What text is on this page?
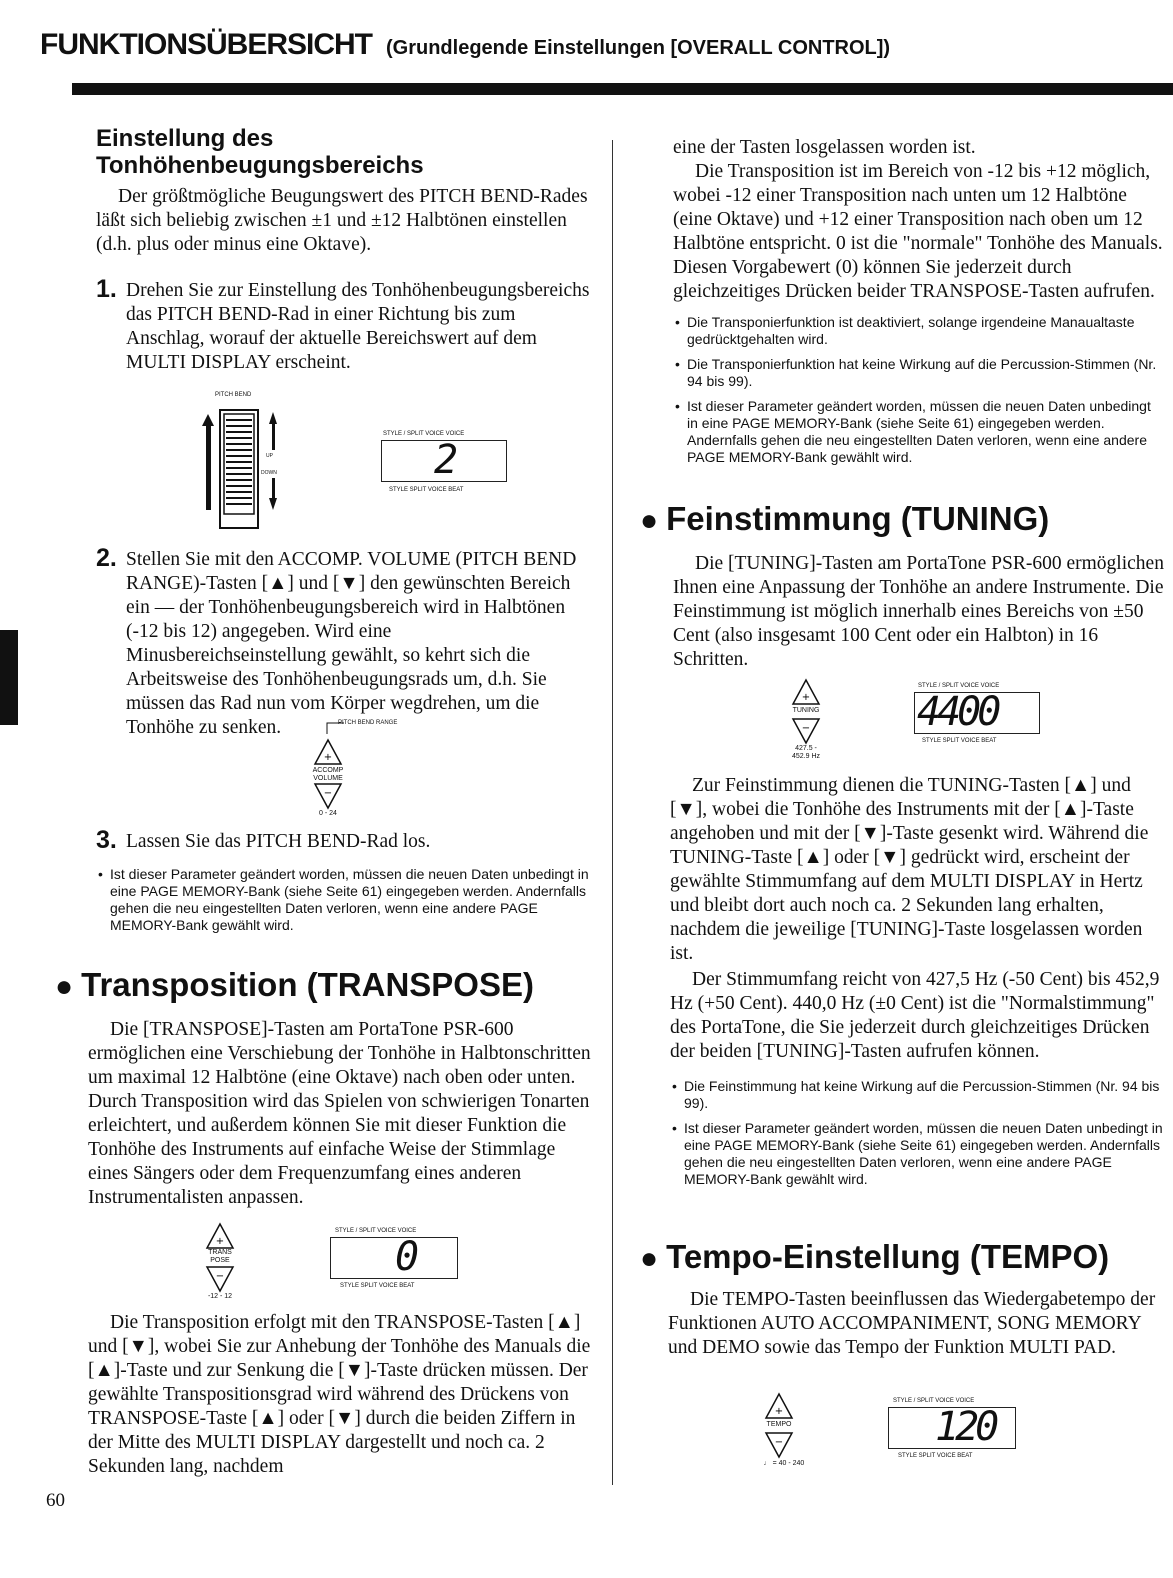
FUNKTIONSÜBERSICHT (Grundlegende Einstellungen [OVERALL CONTROL])

Einstellung des Tonhöhenbeugungsbereichs

Der größtmögliche Beugungswert des PITCH BEND-Rades läßt sich beliebig zwischen ±1 und ±12 Halbtönen einstellen (d.h. plus oder minus eine Oktave).

1. Drehen Sie zur Einstellung des Tonhöhenbeugungsbereichs das PITCH BEND-Rad in einer Richtung bis zum Anschlag, worauf der aktuelle Bereichswert auf dem MULTI DISPLAY erscheint.

PITCH BEND
UP
DOWN
STYLE / SPLIT VOICE VOICE
2
STYLE SPLIT VOICE BEAT
2. Stellen Sie mit den ACCOMP. VOLUME (PITCH BEND RANGE)-Tasten [▲] und [▼] den gewünschten Bereich ein — der Tonhöhenbeugungsbereich wird in Halbtönen (-12 bis 12) angegeben. Wird eine Minusbereichseinstellung gewählt, so kehrt sich die Arbeitsweise des Tonhöhenbeugungsrads um, d.h. Sie müssen das Rad nun vom Körper wegdrehen, um die Tonhöhe zu senken.	PITCH BEND RANGE
+
ACCOMP
VOLUME
−
0 - 24
3. Lassen Sie das PITCH BEND-Rad los.

• Ist dieser Parameter geändert worden, müssen die neuen Daten unbedingt in eine PAGE MEMORY-Bank (siehe Seite 61) eingegeben werden. Andernfalls gehen die neu eingestellten Daten verloren, wenn eine andere PAGE MEMORY-Bank gewählt wird.

● Transposition (TRANSPOSE)

Die [TRANSPOSE]-Tasten am PortaTone PSR-600 ermöglichen eine Verschiebung der Tonhöhe in Halbtonschritten um maximal 12 Halbtöne (eine Oktave) nach oben oder unten. Durch Transposition wird das Spielen von schwierigen Tonarten erleichtert, und außerdem können Sie mit dieser Funktion die Tonhöhe des Instruments auf einfache Weise der Stimmlage eines Sängers oder dem Frequenzumfang eines anderen Instrumentalisten anpassen.

+
TRANS
POSE
−
-12 - 12
STYLE / SPLIT VOICE VOICE
0
STYLE SPLIT VOICE BEAT

Die Transposition erfolgt mit den TRANSPOSE-Tasten [▲] und [▼], wobei Sie zur Anhebung der Tonhöhe des Manuals die [▲]-Taste und zur Senkung die [▼]-Taste drücken müssen. Der gewählte Transpositionsgrad wird während des Drückens von TRANSPOSE-Taste [▲] oder [▼] durch die beiden Ziffern in der Mitte des MULTI DISPLAY dargestellt und noch ca. 2 Sekunden lang, nachdem

eine der Tasten losgelassen worden ist.

Die Transposition ist im Bereich von -12 bis +12 möglich, wobei -12 einer Transposition nach unten um 12 Halbtöne (eine Oktave) und +12 einer Transposition nach oben um 12 Halbtöne entspricht. 0 ist die "normale" Tonhöhe des Manuals. Diesen Vorgabewert (0) können Sie jederzeit durch gleichzeitiges Drücken beider TRANSPOSE-Tasten aufrufen.

• Die Transponierfunktion ist deaktiviert, solange irgendeine Manaualtaste gedrücktgehalten wird.

• Die Transponierfunktion hat keine Wirkung auf die Percussion-Stimmen (Nr. 94 bis 99).

• Ist dieser Parameter geändert worden, müssen die neuen Daten unbedingt in eine PAGE MEMORY-Bank (siehe Seite 61) eingegeben werden. Andernfalls gehen die neu eingestellten Daten verloren, wenn eine andere PAGE MEMORY-Bank gewählt wird.

● Feinstimmung (TUNING)

Die [TUNING]-Tasten am PortaTone PSR-600 ermöglichen Ihnen eine Anpassung der Tonhöhe an andere Instrumente. Die Feinstimmung ist möglich innerhalb eines Bereichs von ±50 Cent (also insgesamt 100 Cent oder ein Halbton) in 16 Schritten.

+
TUNING
−
427.5 -
452.9 Hz
STYLE / SPLIT VOICE VOICE
4400
STYLE SPLIT VOICE BEAT

Zur Feinstimmung dienen die TUNING-Tasten [▲] und [▼], wobei die Tonhöhe des Instruments mit der [▲]-Taste angehoben und mit der [▼]-Taste gesenkt wird. Während die TUNING-Taste [▲] oder [▼] gedrückt wird, erscheint der gewählte Stimmumfang auf dem MULTI DISPLAY in Hertz und bleibt dort auch noch ca. 2 Sekunden lang erhalten, nachdem die jeweilige [TUNING]-Taste losgelassen worden ist.

Der Stimmumfang reicht von 427,5 Hz (-50 Cent) bis 452,9 Hz (+50 Cent). 440,0 Hz (±0 Cent) ist die "Normalstimmung" des PortaTone, die Sie jederzeit durch gleichzeitiges Drücken der beiden [TUNING]-Tasten aufrufen können.

• Die Feinstimmung hat keine Wirkung auf die Percussion-Stimmen (Nr. 94 bis 99).

• Ist dieser Parameter geändert worden, müssen die neuen Daten unbedingt in eine PAGE MEMORY-Bank (siehe Seite 61) eingegeben werden. Andernfalls gehen die neu eingestellten Daten verloren, wenn eine andere PAGE MEMORY-Bank gewählt wird.

● Tempo-Einstellung (TEMPO)

Die TEMPO-Tasten beeinflussen das Wiedergabetempo der Funktionen AUTO ACCOMPANIMENT, SONG MEMORY und DEMO sowie das Tempo der Funktion MULTI PAD.

+
TEMPO
−
♩ = 40 - 240
STYLE / SPLIT VOICE VOICE
120
STYLE SPLIT VOICE BEAT
60
